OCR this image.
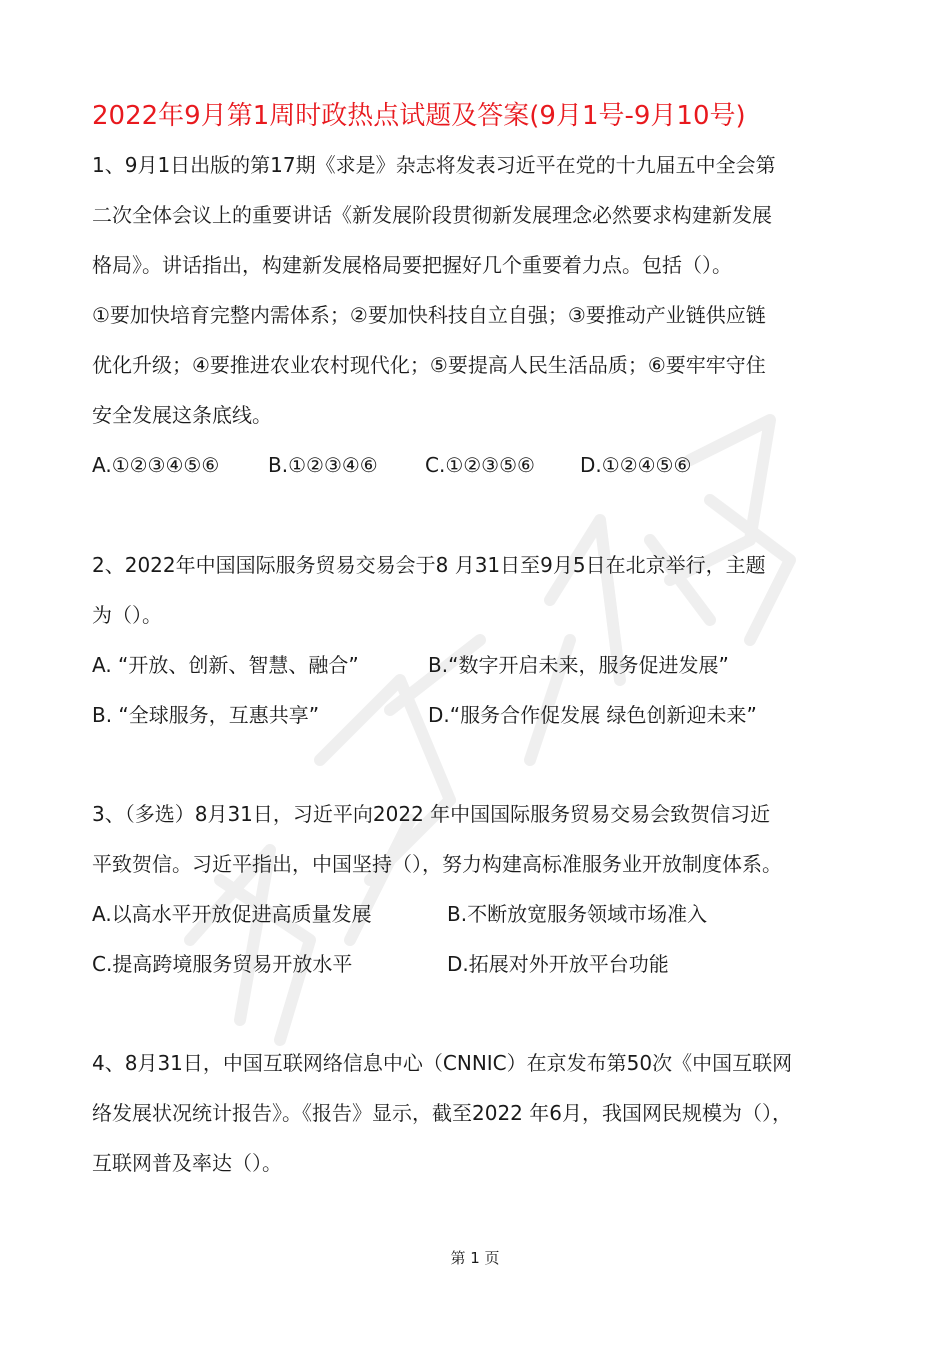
2022年9月第1周时政热点试题及答案(9月1号-9月10号)
1、9月1日出版的第17期《求是》杂志将发表习近平在党的十九届五中全会第
二次全体会议上的重要讲话《新发展阶段贯彻新发展理念必然要求构建新发展
格局》。讲话指出，构建新发展格局要把握好几个重要着力点。包括（）。
①要加快培育完整内需体系；②要加快科技自立自强；③要推动产业链供应链
优化升级；④要推进农业农村现代化；⑤要提高人民生活品质；⑥要牢牢守住
安全发展这条底线。
A.①②③④⑤⑥ B.①②③④⑥ C.①②③⑤⑥ D.①②④⑤⑥
2、2022年中国国际服务贸易交易会于8 月31日至9月5日在北京举行，主题
为（）。
A. “开放、创新、智慧、融合”	B.“数字开启未来，服务促进发展”
B. “全球服务，互惠共享”	D.“服务合作促发展 绿色创新迎未来”
3、（多选）8月31日，习近平向2022 年中国国际服务贸易交易会致贺信习近
平致贺信。习近平指出，中国坚持（），努力构建高标准服务业开放制度体系。
A.以高水平开放促进高质量发展	B.不断放宽服务领域市场准入
C.提高跨境服务贸易开放水平	D.拓展对外开放平台功能
4、8月31日，中国互联网络信息中心（CNNIC）在京发布第50次《中国互联网
络发展状况统计报告》。《报告》显示，截至2022 年6月，我国网民规模为（），
互联网普及率达（）。
第 1 页
